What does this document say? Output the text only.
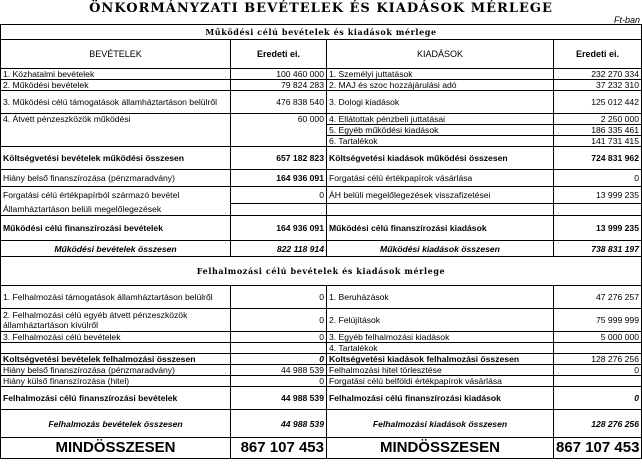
ÖNKORMÁNYZATI BEVÉTELEK ÉS KIADÁSOK MÉRLEGE
Ft-ban
Működési célú bevételek és kiadások mérlege			
BEVÉTELEK	Eredeti ei.	KIADÁSOK	Eredeti ei.
1. Közhatalmi bevételek	100 460 000	1. Személyi juttatások	232 270 334
2. Működési bevételek	79 824 283	2. MAJ és szoc hozzájárulási adó	37 232 310
3. Működési célú támogatások államháztartáson belülről	476 838 540	3. Dologi kiadások	125 012 442
4. Átvett pénzeszközök működési	60 000	4. Ellátottak pénzbeli juttatásai	2 250 000
		5. Egyéb működési kiadások	186 335 461
		6. Tartalékok	141 731 415
Költségvetési bevételek működési összesen	657 182 823	Költségvetési kiadások működési összesen	724 831 962
Hiány belső finanszírozása (pénzmaradvány)	164 936 091	Forgatási célú értékpapírok vásárlása	0
Forgatási célú értékpapírból származó bevétel	0	ÁH belüli megelőlegezések visszafizetései	13 999 235
Államháztartáson belüli megelőlegezések			
Működési célú finanszírozási bevételek	164 936 091	Működési célú finanszírozási kiadások	13 999 235
Működési bevételek összesen	822 118 914	Működési kiadások összesen	738 831 197
Felhalmozási célú bevételek és kiadások mérlege			
1. Felhalmozási támogatások államháztartáson belülről	0	1. Beruházások	47 276 257
2. Felhalmozási célú egyéb átvett pénzeszközök államháztartáson kívülről	0	2. Felújítások	75 999 999
3. Felhalmozási célú bevételek	0	3. Egyéb felhalmozási kiadások	5 000 000
		4. Tartalékok	
Koltségvetési bevételek felhalmozási összesen	0	Koltségvetési kiadások felhalmozási összesen	128 276 256
Hiány belső finanszírozása (pénzmaradvány)	44 988 539	Felhalmozási hitel törlesztése	0
Hiány külső finanszírozása (hitel)	0	Forgatási célú belföldi értékpapírok vásárlása	
Felhalmozási célú finanszírozási bevételek	44 988 539	Felhalmozási célú finanszírozási kiadások	0
Felhalmozás bevételek összesen	44 988 539	Felhalmozási kiadások összesen	128 276 256
MINDÖSSZESEN	867 107 453	MINDÖSSZESEN	867 107 453
